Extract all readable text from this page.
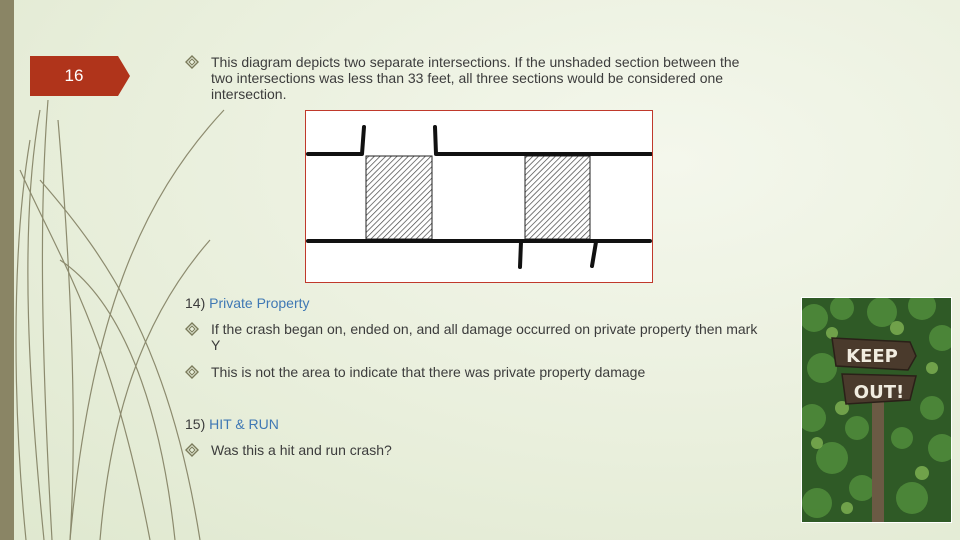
16
This diagram depicts two separate intersections. If the unshaded section between the two intersections was less than 33 feet, all three sections would be considered one intersection.
14) Private Property
If the crash began on, ended on, and all damage occurred on private property then mark Y
This is not the area to indicate that there was private property damage
15) HIT & RUN
Was this a hit and run crash?
KEEP
OUT!
